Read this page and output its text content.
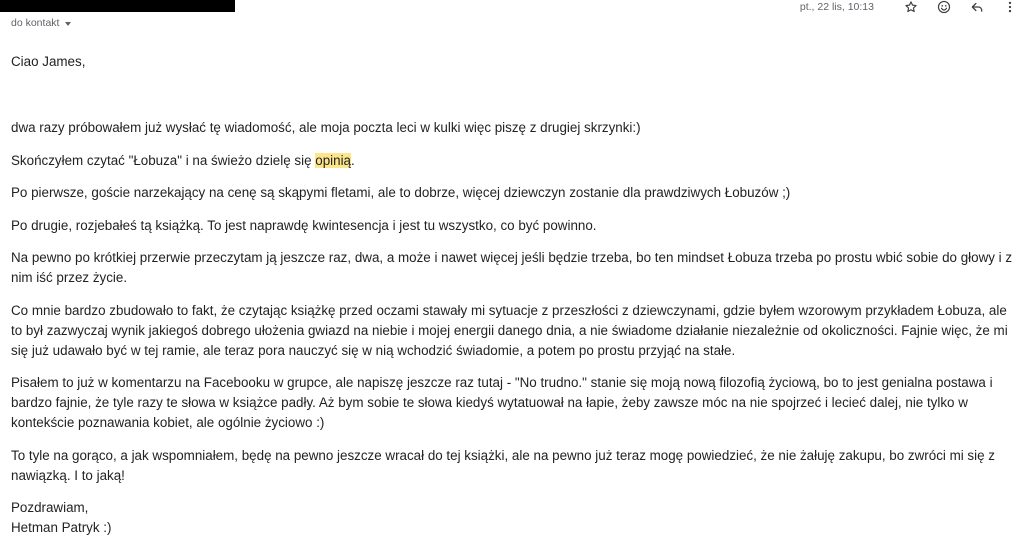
do kontakt
pt., 22 lis, 10:13

Ciao James,

dwa razy próbowałem już wysłać tę wiadomość, ale moja poczta leci w kulki więc piszę z drugiej skrzynki:)

Skończyłem czytać "Łobuza" i na świeżo dzielę się opinią.

Po pierwsze, goście narzekający na cenę są skąpymi fletami, ale to dobrze, więcej dziewczyn zostanie dla prawdziwych Łobuzów ;)

Po drugie, rozjebałeś tą książką. To jest naprawdę kwintesencja i jest tu wszystko, co być powinno.

Na pewno po krótkiej przerwie przeczytam ją jeszcze raz, dwa, a może i nawet więcej jeśli będzie trzeba, bo ten mindset Łobuza trzeba po prostu wbić sobie do głowy i z nim iść przez życie.

Co mnie bardzo zbudowało to fakt, że czytając książkę przed oczami stawały mi sytuacje z przeszłości z dziewczynami, gdzie byłem wzorowym przykładem Łobuza, ale to był zazwyczaj wynik jakiegoś dobrego ułożenia gwiazd na niebie i mojej energii danego dnia, a nie świadome działanie niezależnie od okoliczności. Fajnie więc, że mi się już udawało być w tej ramie, ale teraz pora nauczyć się w nią wchodzić świadomie, a potem po prostu przyjąć na stałe.

Pisałem to już w komentarzu na Facebooku w grupce, ale napiszę jeszcze raz tutaj - "No trudno." stanie się moją nową filozofią życiową, bo to jest genialna postawa i bardzo fajnie, że tyle razy te słowa w książce padły. Aż bym sobie te słowa kiedyś wytatuował na łapie, żeby zawsze móc na nie spojrzeć i lecieć dalej, nie tylko w kontekście poznawania kobiet, ale ogólnie życiowo :)

To tyle na gorąco, a jak wspomniałem, będę na pewno jeszcze wracał do tej książki, ale na pewno już teraz mogę powiedzieć, że nie żałuję zakupu, bo zwróci mi się z nawiązką. I to jaką!

Pozdrawiam,

Hetman Patryk :)
